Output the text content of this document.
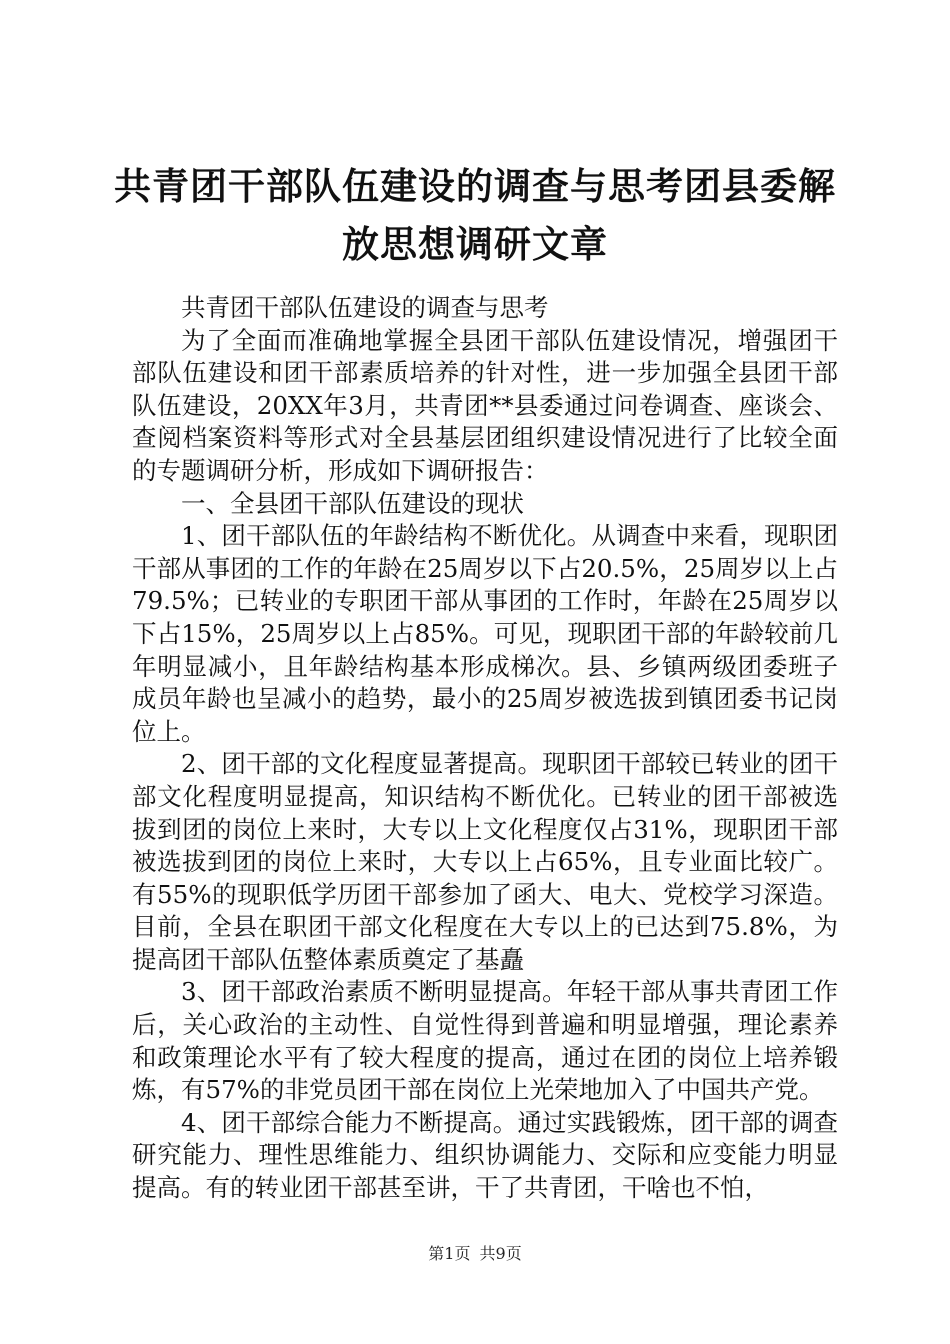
共青团干部队伍建设的调查与思考团县委解放思想调研文章

共青团干部队伍建设的调查与思考

为了全面而准确地掌握全县团干部队伍建设情况，增强团干部队伍建设和团干部素质培养的针对性，进一步加强全县团干部队伍建设，20XX年3月，共青团**县委通过问卷调查、座谈会、查阅档案资料等形式对全县基层团组织建设情况进行了比较全面的专题调研分析，形成如下调研报告：

一、全县团干部队伍建设的现状

1、团干部队伍的年龄结构不断优化。从调查中来看，现职团干部从事团的工作的年龄在25周岁以下占20.5%，25周岁以上占79.5%；已转业的专职团干部从事团的工作时，年龄在25周岁以下占15%，25周岁以上占85%。可见，现职团干部的年龄较前几年明显减小，且年龄结构基本形成梯次。县、乡镇两级团委班子成员年龄也呈减小的趋势，最小的25周岁被选拔到镇团委书记岗位上。

2、团干部的文化程度显著提高。现职团干部较已转业的团干部文化程度明显提高，知识结构不断优化。已转业的团干部被选拔到团的岗位上来时，大专以上文化程度仅占31%，现职团干部被选拔到团的岗位上来时，大专以上占65%，且专业面比较广。有55%的现职低学历团干部参加了函大、电大、党校学习深造。目前，全县在职团干部文化程度在大专以上的已达到75.8%，为提高团干部队伍整体素质奠定了基矗

3、团干部政治素质不断明显提高。年轻干部从事共青团工作后，关心政治的主动性、自觉性得到普遍和明显增强，理论素养和政策理论水平有了较大程度的提高，通过在团的岗位上培养锻炼，有57%的非党员团干部在岗位上光荣地加入了中国共产党。

4、团干部综合能力不断提高。通过实践锻炼，团干部的调查研究能力、理性思维能力、组织协调能力、交际和应变能力明显提高。有的转业团干部甚至讲，干了共青团，干啥也不怕，

第1页 共9页
